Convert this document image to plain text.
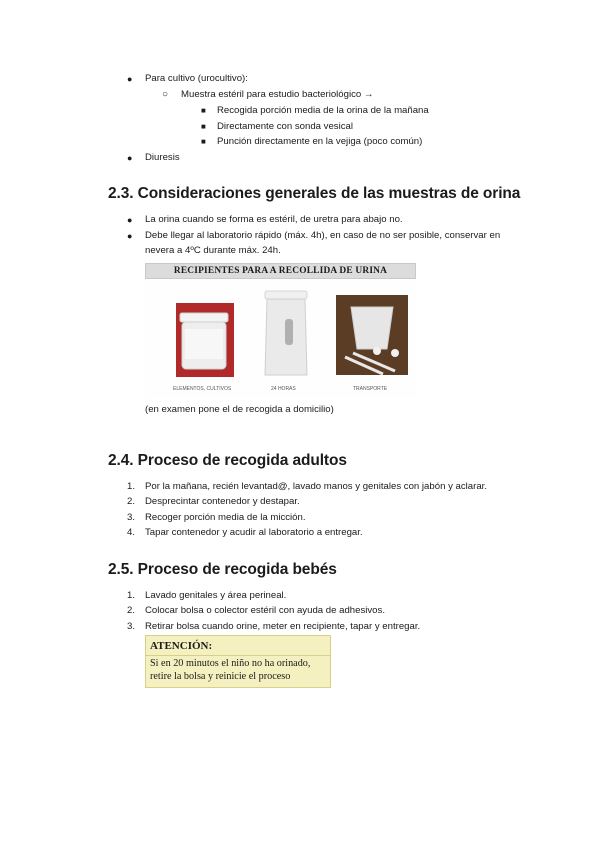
● Para cultivo (urocultivo):
○ Muestra estéril para estudio bacteriológico →
■ Recogida porción media de la orina de la mañana
■ Directamente con sonda vesical
■ Punción directamente en la vejiga (poco común)
● Diuresis
2.3. Consideraciones generales de las muestras de orina
● La orina cuando se forma es estéril, de uretra para abajo no.
● Debe llegar al laboratorio rápido (máx. 4h), en caso de no ser posible, conservar en
nevera a 4ºC durante máx. 24h.
RECIPIENTES PARA A RECOLLIDA DE URINA
ELEMENTOS, CULTIVOS	24 HORAS	TRANSPORTE
(en examen pone el de recogida a domicilio)
2.4. Proceso de recogida adultos
1. Por la mañana, recién levantad@, lavado manos y genitales con jabón y aclarar.
2. Desprecintar contenedor y destapar.
3. Recoger porción media de la micción.
4. Tapar contenedor y acudir al laboratorio a entregar.
2.5. Proceso de recogida bebés
1. Lavado genitales y área perineal.
2. Colocar bolsa o colector estéril con ayuda de adhesivos.
3. Retirar bolsa cuando orine, meter en recipiente, tapar y entregar.
ATENCIÓN:
Si en 20 minutos el niño no ha orinado,
retire la bolsa y reinicie el proceso
